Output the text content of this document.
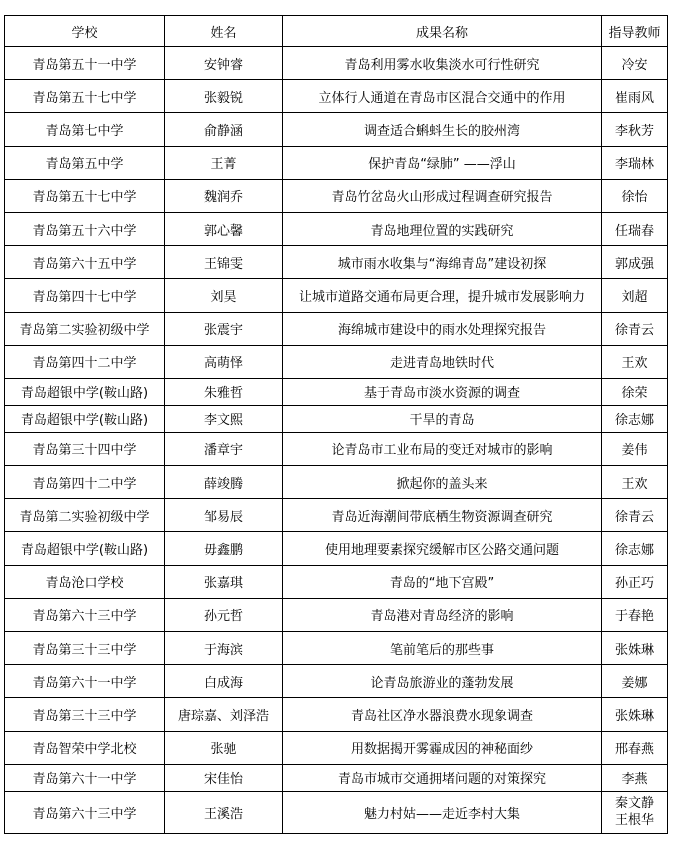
学校	姓名	成果名称	指导教师
青岛第五十一中学	安钟睿	青岛利用雾水收集淡水可行性研究	冷安
青岛第五十七中学	张毅锐	立体行人通道在青岛市区混合交通中的作用	崔雨风
青岛第七中学	俞静涵	调查适合蝌蚪生长的胶州湾	李秋芳
青岛第五中学	王菁	保护青岛“绿肺” ——浮山	李瑞林
青岛第五十七中学	魏润乔	青岛竹岔岛火山形成过程调查研究报告	徐怡
青岛第五十六中学	郭心馨	青岛地理位置的实践研究	任瑞春
青岛第六十五中学	王锦雯	城市雨水收集与“海绵青岛”建设初探	郭成强
青岛第四十七中学	刘昊	让城市道路交通布局更合理，提升城市发展影响力	刘超
青岛第二实验初级中学	张震宇	海绵城市建设中的雨水处理探究报告	徐青云
青岛第四十二中学	高萌怿	走进青岛地铁时代	王欢
青岛超银中学(鞍山路)	朱雅哲	基于青岛市淡水资源的调查	徐荣
青岛超银中学(鞍山路)	李文熙	干旱的青岛	徐志娜
青岛第三十四中学	潘章宇	论青岛市工业布局的变迁对城市的影响	姜伟
青岛第四十二中学	薛竣腾	掀起你的盖头来	王欢
青岛第二实验初级中学	邹易辰	青岛近海潮间带底栖生物资源调查研究	徐青云
青岛超银中学(鞍山路)	毋鑫鹏	使用地理要素探究缓解市区公路交通问题	徐志娜
青岛沧口学校	张嘉琪	青岛的“地下宫殿”	孙正巧
青岛第六十三中学	孙元哲	青岛港对青岛经济的影响	于春艳
青岛第三十三中学	于海滨	笔前笔后的那些事	张姝琳
青岛第六十一中学	白成海	论青岛旅游业的蓬勃发展	姜娜
青岛第三十三中学	唐琮嘉、刘泽浩	青岛社区净水器浪费水现象调查	张姝琳
青岛智荣中学北校	张驰	用数据揭开雾霾成因的神秘面纱	邢春燕
青岛第六十一中学	宋佳怡	青岛市城市交通拥堵问题的对策探究	李燕
青岛第六十三中学	王溪浩	魅力村姑——走近李村大集	秦文静
王根华
